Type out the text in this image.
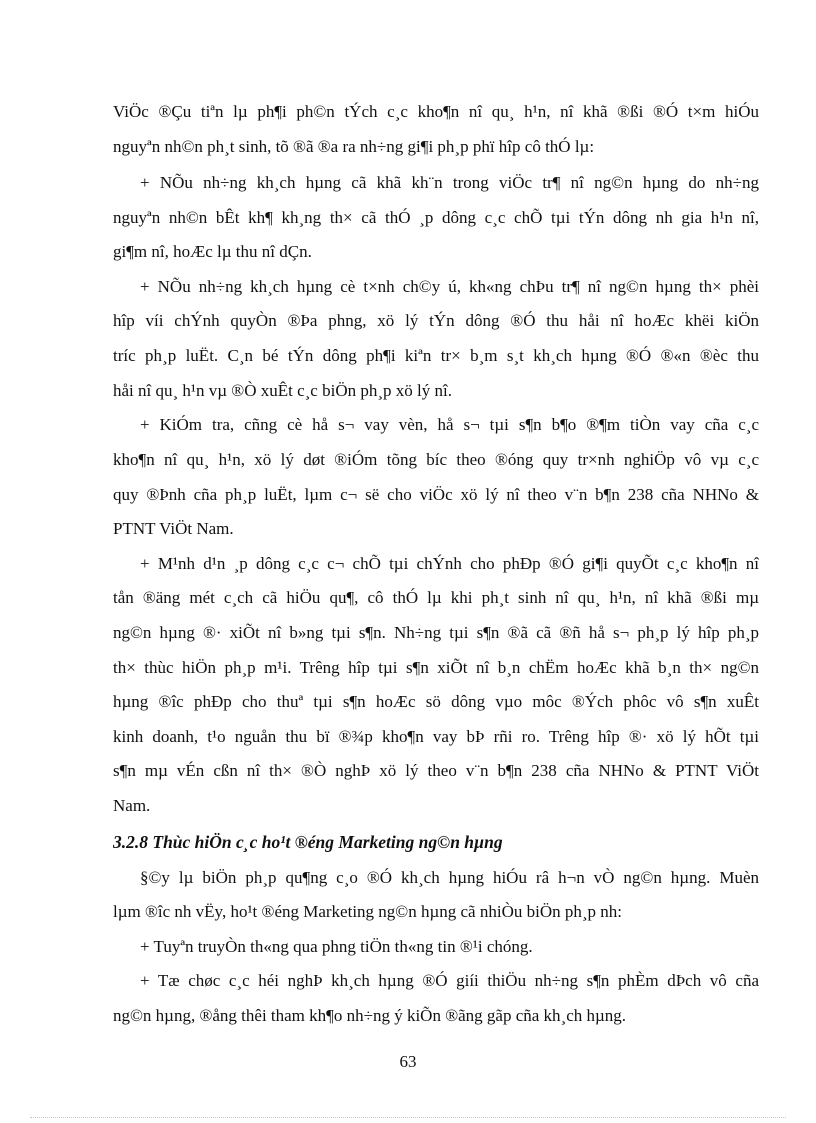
ViÖc ®Çu tiªn lµ ph¶i ph©n tÝch c¸c kho¶n nî qu¸ h¹n, nî khã ®ßi ®Ó t×m hiÓu
nguyªn nh©n ph¸t sinh, tõ ®ã ®a ra nh÷ng gi¶i ph¸p phï hîp cô thÓ lµ:
+ NÕu nh÷ng kh¸ch hµng cã khã kh¨n trong viÖc tr¶ nî ng©n hµng do nh÷ng
nguyªn nh©n bÊt kh¶ kh¸ng th× cã thÓ ¸p dông c¸c chÕ tµi tÝn dông nh gia h¹n nî,
gi¶m nî, hoÆc lµ thu nî dÇn.
+ NÕu nh÷ng kh¸ch hµng cè t×nh ch©y ú, kh«ng chÞu tr¶ nî ng©n hµng th× phèi
hîp víi chÝnh quyÒn ®Þa phng, xö lý tÝn dông ®Ó thu håi nî hoÆc khëi kiÖn
tríc ph¸p luËt. C¸n bé tÝn dông ph¶i kiªn tr× b¸m s¸t kh¸ch hµng ®Ó ®«n ®èc thu
håi nî qu¸ h¹n vµ ®Ò xuÊt c¸c biÖn ph¸p xö lý nî.
+ KiÓm tra, cñng cè hå s¬ vay vèn, hå s¬ tµi s¶n b¶o ®¶m tiÒn vay cña c¸c
kho¶n nî qu¸ h¹n, xö lý døt ®iÓm tõng bíc theo ®óng quy tr×nh nghiÖp vô vµ c¸c
quy ®Þnh cña ph¸p luËt, lµm c¬ së cho viÖc xö lý nî theo v¨n b¶n 238 cña NHNo &
PTNT ViÖt Nam.
+ M¹nh d¹n ¸p dông c¸c c¬ chÕ tµi chÝnh cho phÐp ®Ó gi¶i quyÕt c¸c kho¶n nî
tån ®äng mét c¸ch cã hiÖu qu¶, cô thÓ lµ khi ph¸t sinh nî qu¸ h¹n, nî khã ®ßi mµ
ng©n hµng ®· xiÕt nî b»ng tµi s¶n. Nh÷ng tµi s¶n ®ã cã ®ñ hå s¬ ph¸p lý hîp ph¸p
th× thùc hiÖn ph¸p m¹i. Trêng hîp tµi s¶n xiÕt nî b¸n chËm hoÆc khã b¸n th× ng©n
hµng ®îc phÐp cho thuª tµi s¶n hoÆc sö dông vµo môc ®Ých phôc vô s¶n xuÊt
kinh doanh, t¹o nguån thu bï ®¾p kho¶n vay bÞ rñi ro. Trêng hîp ®· xö lý hÕt tµi
s¶n mµ vÉn cßn nî th× ®Ò nghÞ xö lý theo v¨n b¶n 238 cña NHNo & PTNT ViÖt
Nam.
3.2.8 Thùc hiÖn c¸c ho¹t ®éng Marketing ng©n hµng
§©y lµ biÖn ph¸p qu¶ng c¸o ®Ó kh¸ch hµng hiÓu râ h¬n vÒ ng©n hµng. Muèn
lµm ®îc nh vËy, ho¹t ®éng Marketing ng©n hµng cã nhiÒu biÖn ph¸p nh:
+ Tuyªn truyÒn th«ng qua phng tiÖn th«ng tin ®¹i chóng.
+ Tæ chøc c¸c héi nghÞ kh¸ch hµng ®Ó giíi thiÖu nh÷ng s¶n phÈm dÞch vô cña
ng©n hµng, ®ång thêi tham kh¶o nh÷ng ý kiÕn ®ãng gãp cña kh¸ch hµng.
63
